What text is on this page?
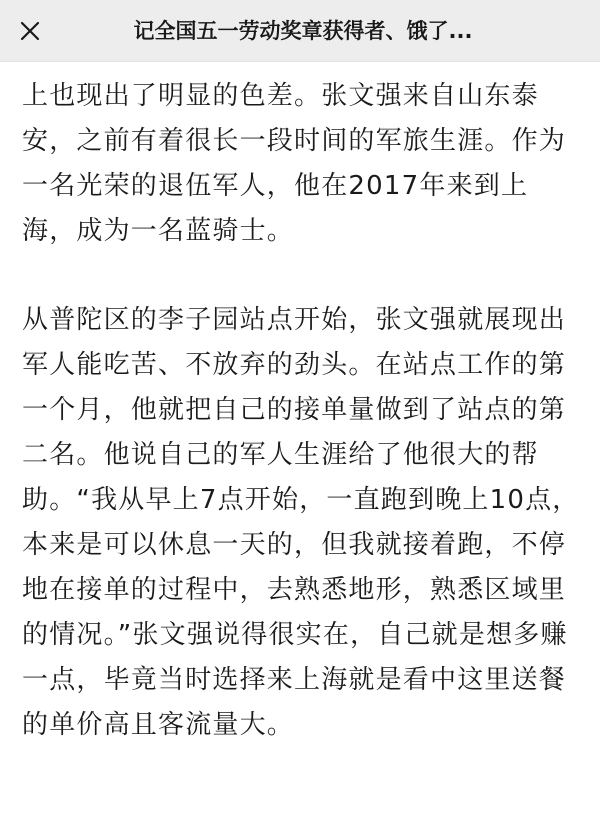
记全国五一劳动奖章获得者、饿了...

上也现出了明显的色差。张文强来自山东泰安，之前有着很长一段时间的军旅生涯。作为一名光荣的退伍军人，他在2017年来到上海，成为一名蓝骑士。

从普陀区的李子园站点开始，张文强就展现出军人能吃苦、不放弃的劲头。在站点工作的第一个月，他就把自己的接单量做到了站点的第二名。他说自己的军人生涯给了他很大的帮助。“我从早上7点开始，一直跑到晚上10点，本来是可以休息一天的，但我就接着跑，不停地在接单的过程中，去熟悉地形，熟悉区域里的情况。”张文强说得很实在，自己就是想多赚一点，毕竟当时选择来上海就是看中这里送餐的单价高且客流量大。
